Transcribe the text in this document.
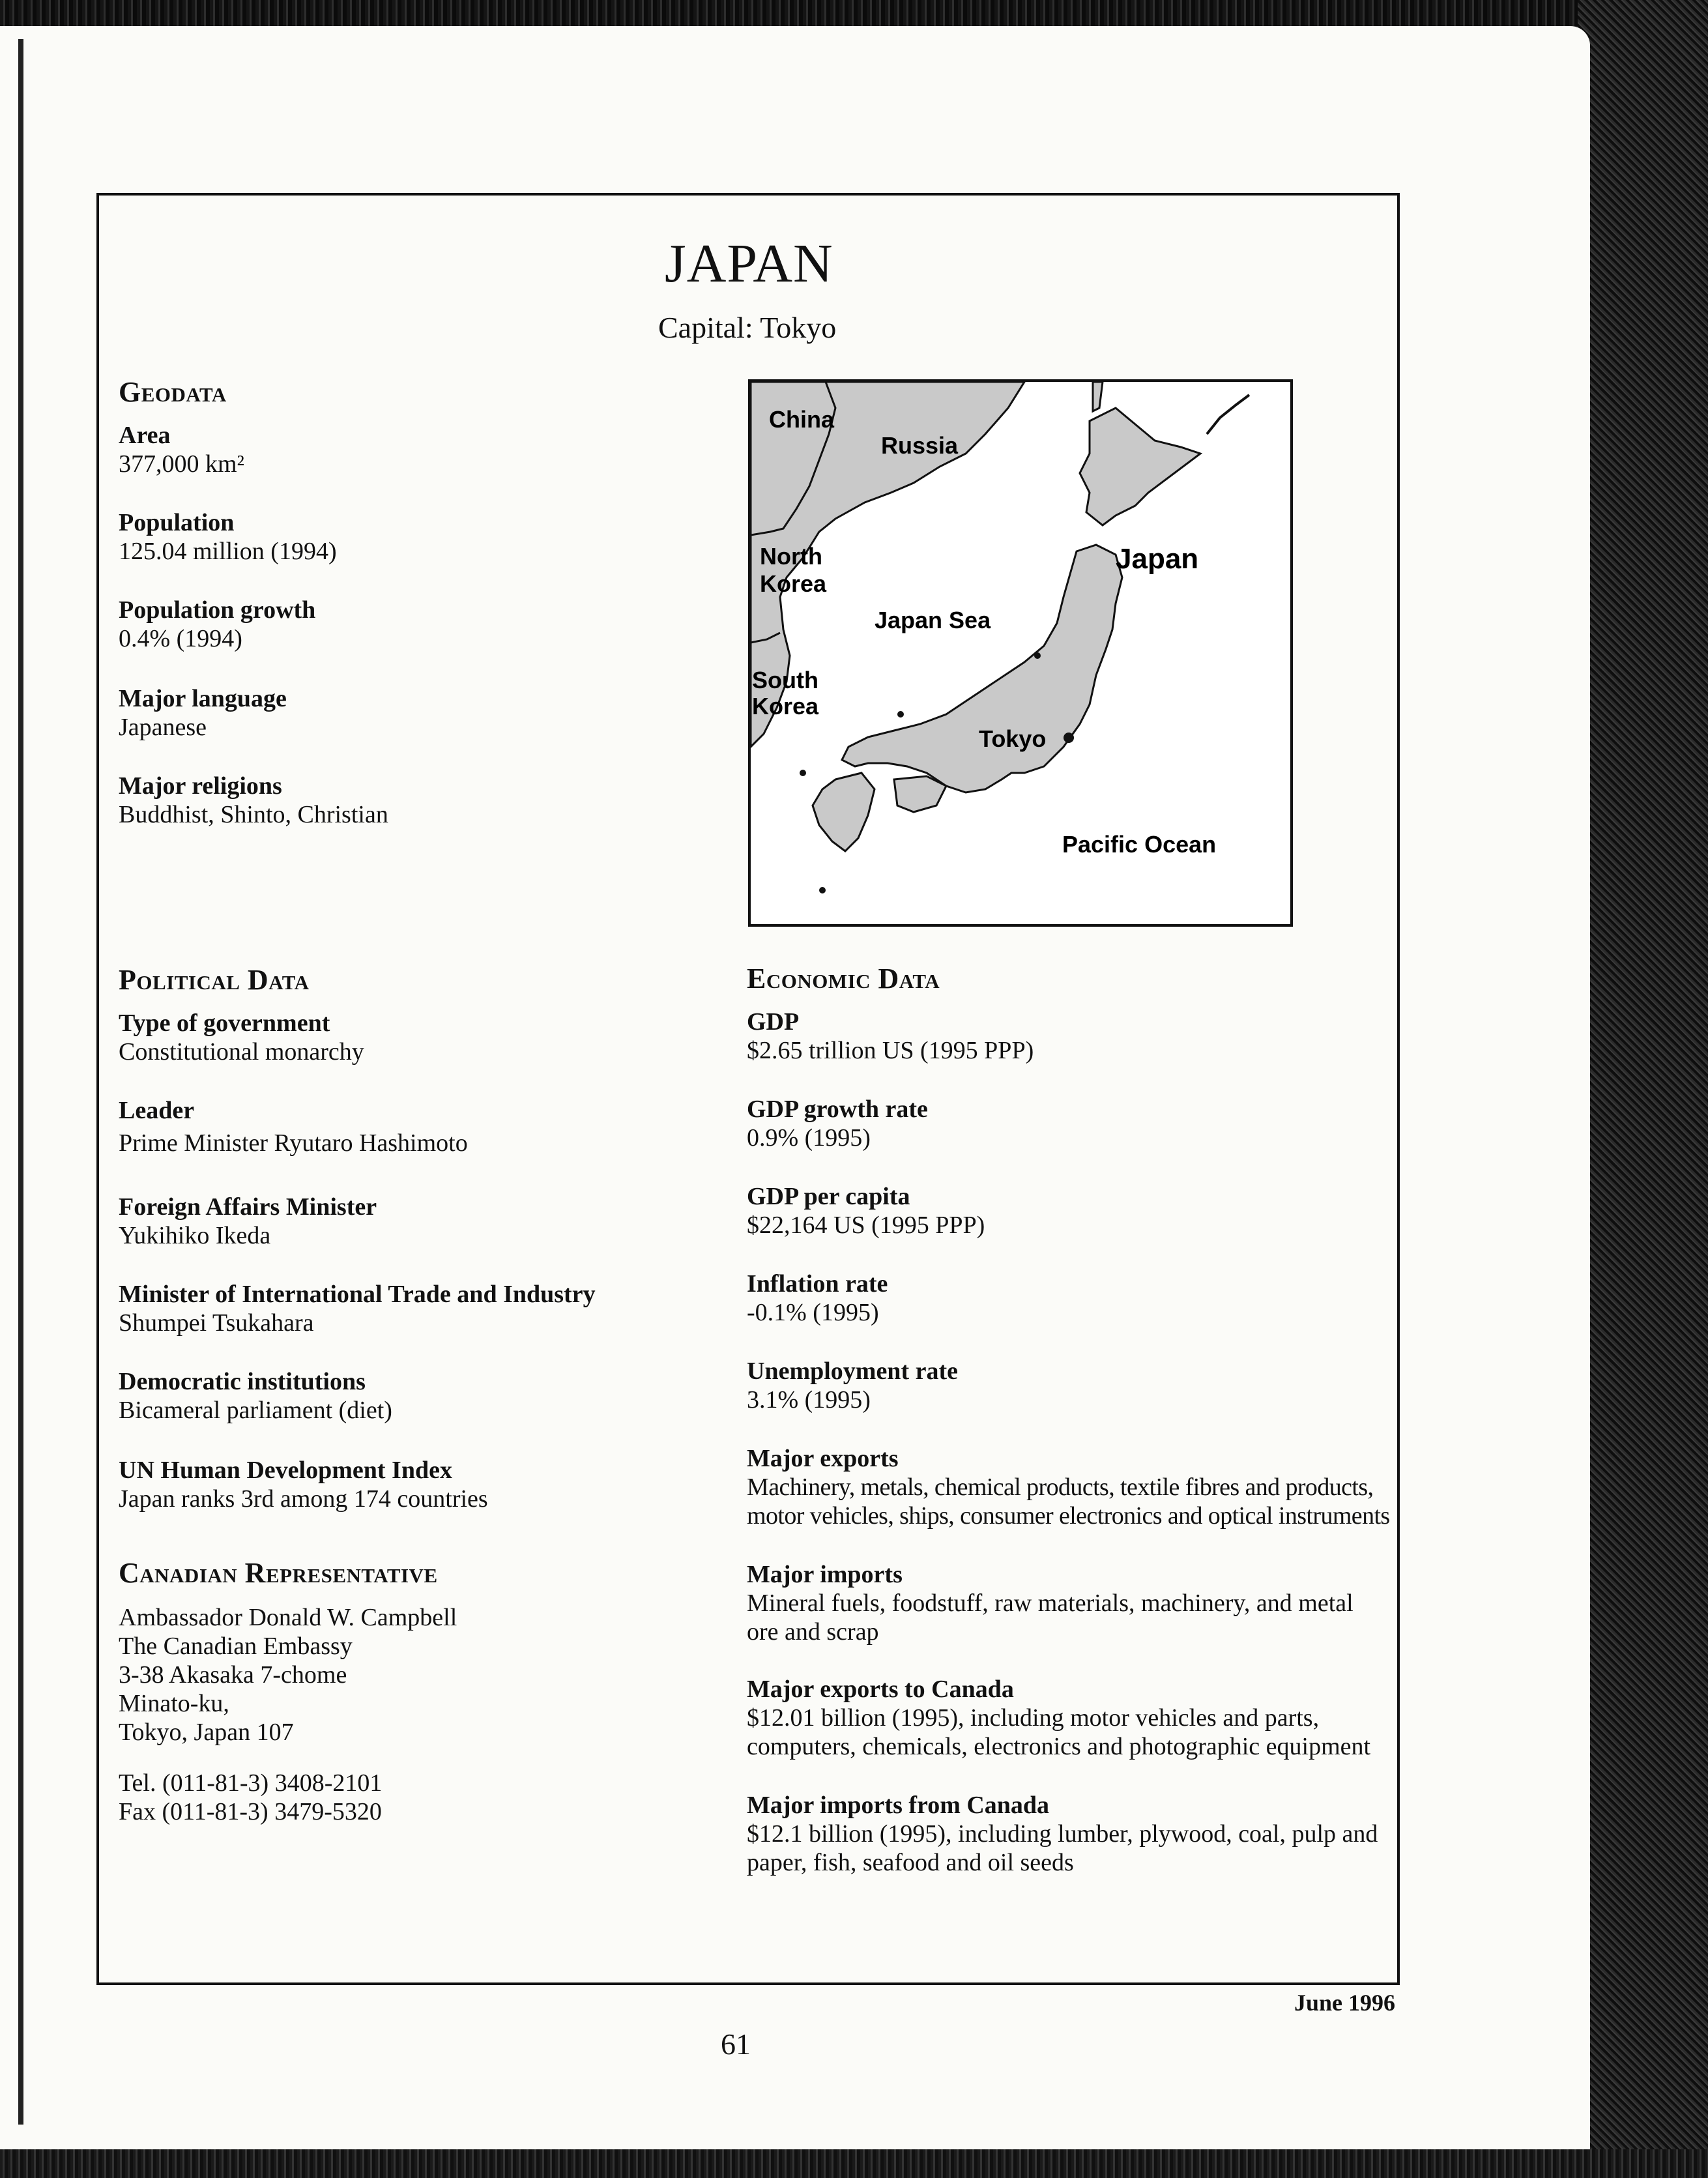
JAPAN
Capital: Tokyo
Geodata
Area
377,000 km²
Population
125.04 million (1994)
Population growth
0.4% (1994)
Major language
Japanese
Major religions
Buddhist, Shinto, Christian
China
Russia
North
Korea
Japan Sea
South
Korea
Japan
Tokyo
Pacific Ocean
Political Data
Type of government
Constitutional monarchy
Leader
Prime Minister Ryutaro Hashimoto
Foreign Affairs Minister
Yukihiko Ikeda
Minister of International Trade and Industry
Shumpei Tsukahara
Democratic institutions
Bicameral parliament (diet)
UN Human Development Index
Japan ranks 3rd among 174 countries
Canadian Representative
Ambassador Donald W. Campbell
The Canadian Embassy
3-38 Akasaka 7-chome
Minato-ku,
Tokyo, Japan 107
Tel. (011-81-3) 3408-2101
Fax (011-81-3) 3479-5320
Economic Data
GDP
$2.65 trillion US (1995 PPP)
GDP growth rate
0.9% (1995)
GDP per capita
$22,164 US (1995 PPP)
Inflation rate
-0.1% (1995)
Unemployment rate
3.1% (1995)
Major exports
Machinery, metals, chemical products, textile fibres and products, motor vehicles, ships, consumer electronics and optical instruments
Major imports
Mineral fuels, foodstuff, raw materials, machinery, and metal ore and scrap
Major exports to Canada
$12.01 billion (1995), including motor vehicles and parts, computers, chemicals, electronics and photographic equipment
Major imports from Canada
$12.1 billion (1995), including lumber, plywood, coal, pulp and paper, fish, seafood and oil seeds
June 1996
61
